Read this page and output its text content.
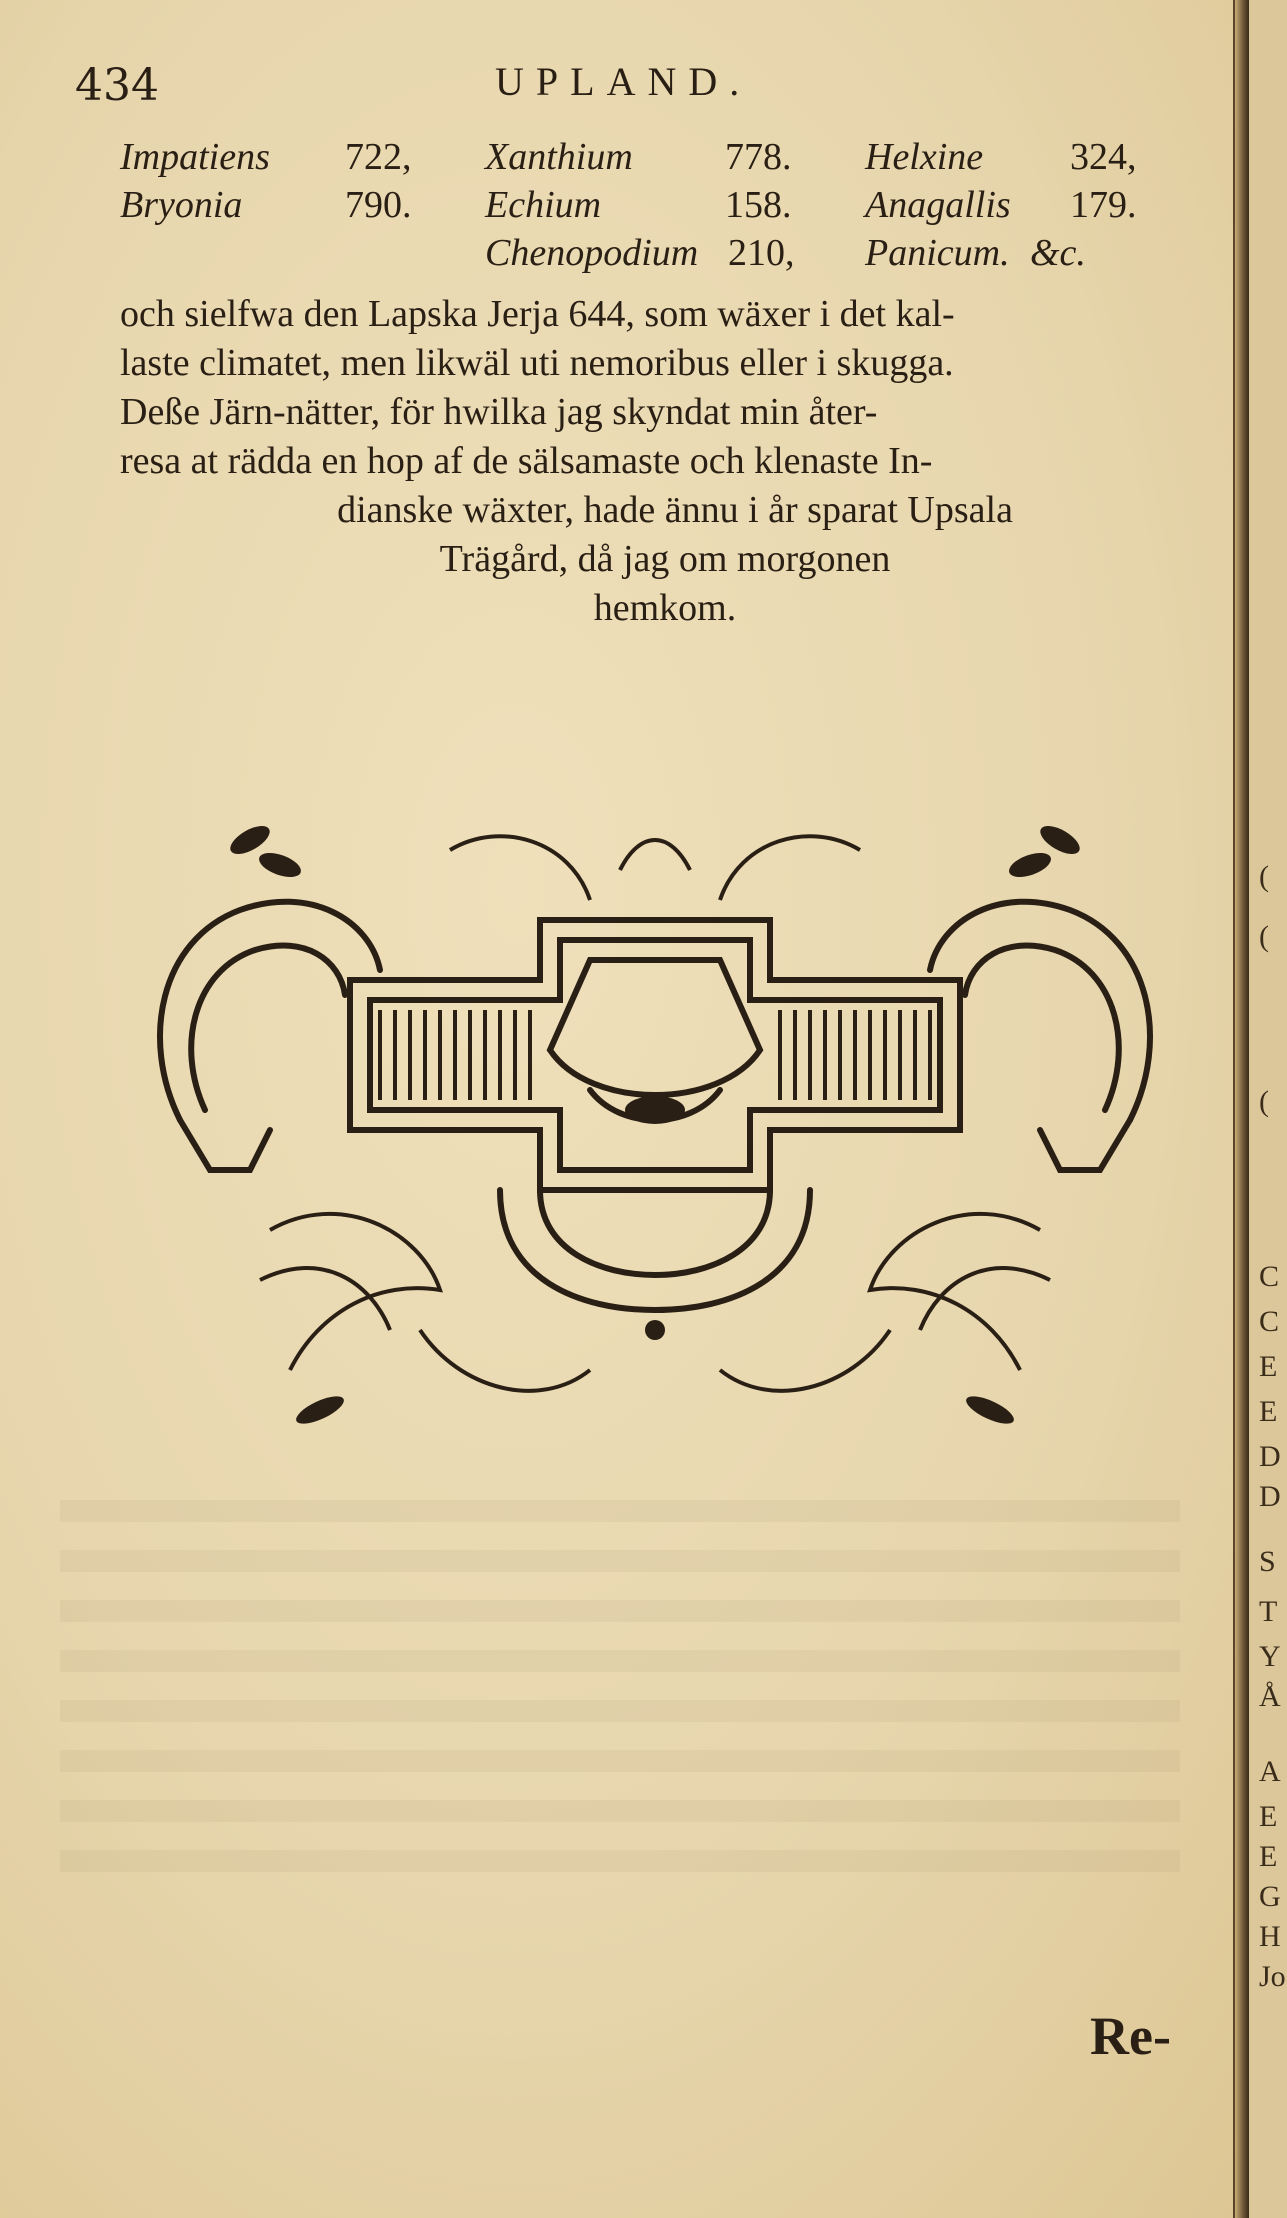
434	UPLAND.
Impatiens 722, Xanthium 778. Helxine 324,
Bryonia	790. Echium	158. Anagallis 179.
Chenopodium 210, Panicum. &c.
och sielfwa den Lapska Jerja 644, som wäxer i det kal-
laste climatet, men likwäl uti nemoribus eller i skugga.
Deße Järn-nätter, för hwilka jag skyndat min åter-
resa at rädda en hop af de sälsamaste och klenaste In-
dianske wäxter, hade ännu i år sparat Upsala
Trägård, då jag om morgonen
hemkom.
Re-
(
(
(
C
C
E
E
D
D
S
T
Y
Å
A
E
E
G
H
Jo
